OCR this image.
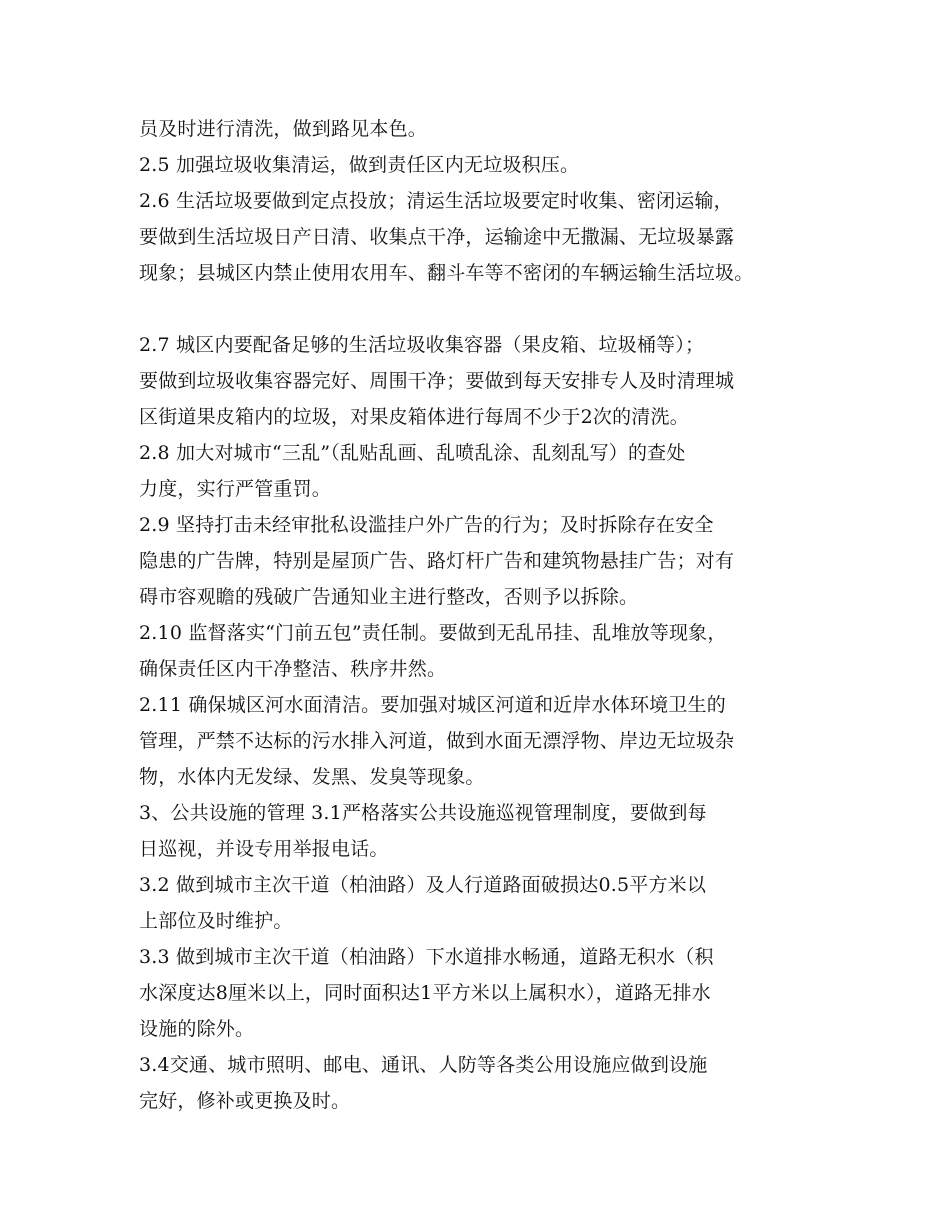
员及时进行清洗，做到路见本色。
2.5 加强垃圾收集清运，做到责任区内无垃圾积压。
2.6 生活垃圾要做到定点投放；清运生活垃圾要定时收集、密闭运输，
要做到生活垃圾日产日清、收集点干净，运输途中无撒漏、无垃圾暴露
现象；县城区内禁止使用农用车、翻斗车等不密闭的车辆运输生活垃圾。
2.7 城区内要配备足够的生活垃圾收集容器（果皮箱、垃圾桶等）；
要做到垃圾收集容器完好、周围干净；要做到每天安排专人及时清理城
区街道果皮箱内的垃圾，对果皮箱体进行每周不少于2次的清洗。
2.8 加大对城市“三乱”（乱贴乱画、乱喷乱涂、乱刻乱写）的查处
力度，实行严管重罚。
2.9 坚持打击未经审批私设滥挂户外广告的行为；及时拆除存在安全
隐患的广告牌，特别是屋顶广告、路灯杆广告和建筑物悬挂广告；对有
碍市容观瞻的残破广告通知业主进行整改，否则予以拆除。
2.10 监督落实“门前五包”责任制。要做到无乱吊挂、乱堆放等现象，
确保责任区内干净整洁、秩序井然。
2.11 确保城区河水面清洁。要加强对城区河道和近岸水体环境卫生的
管理，严禁不达标的污水排入河道，做到水面无漂浮物、岸边无垃圾杂
物，水体内无发绿、发黑、发臭等现象。
3、公共设施的管理 3.1严格落实公共设施巡视管理制度，要做到每
日巡视，并设专用举报电话。
3.2 做到城市主次干道（柏油路）及人行道路面破损达0.5平方米以
上部位及时维护。
3.3 做到城市主次干道（柏油路）下水道排水畅通，道路无积水（积
水深度达8厘米以上，同时面积达1平方米以上属积水），道路无排水
设施的除外。
3.4交通、城市照明、邮电、通讯、人防等各类公用设施应做到设施
完好，修补或更换及时。
